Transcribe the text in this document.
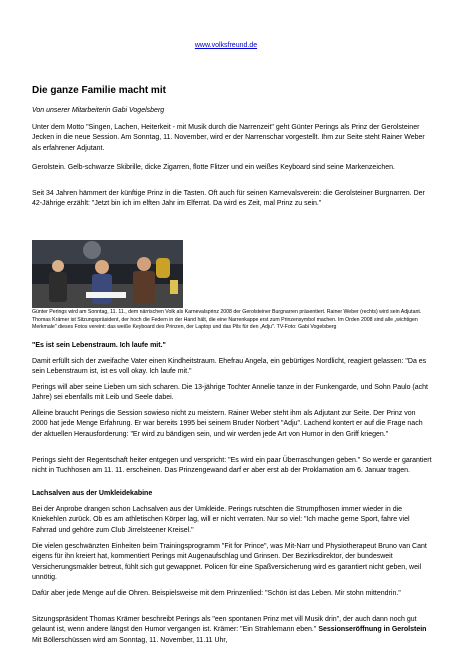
www.volksfreund.de
Die ganze Familie macht mit
Von unserer Mitarbeiterin Gabi Vogelsberg
Unter dem Motto "Singen, Lachen, Heiterkeit - mit Musik durch die Narrenzeit" geht Günter Perings als Prinz der Gerolsteiner Jecken in die neue Session. Am Sonntag, 11. November, wird er der Narrenschar vorgestellt. Ihm zur Seite steht Rainer Weber als erfahrener Adjutant.
Gerolstein. Gelb-schwarze Skibrille, dicke Zigarren, flotte Flitzer und ein weißes Keyboard sind seine Markenzeichen.
Seit 34 Jahren hämmert der künftige Prinz in die Tasten. Oft auch für seinen Karnevalsverein: die Gerolsteiner Burgnarren. Der 42-Jährige erzählt: "Jetzt bin ich im elften Jahr im Elferrat. Da wird es Zeit, mal Prinz zu sein."
Günter Perings wird am Sonntag, 11. 11., dem närrischen Volk als Karnevalsprinz 2008 der Gerolsteiner Burgnarren präsentiert. Rainer Weber (rechts) wird sein Adjutant. Thomas Krämer ist Sitzungspräsident, der hoch die Federn in der Hand hält, die eine Narrenkappe erst zum Prinzensymbol machen. Im Orden 2008 sind alle „wichtigen Merkmale" dieses Fotos vereint: das weiße Keyboard des Prinzen, der Laptop und das Pils für den „Adju". TV-Foto: Gabi Vogelsberg
"Es ist sein Lebenstraum. Ich laufe mit."
Damit erfüllt sich der zweifache Vater einen Kindheitstraum. Ehefrau Angela, ein gebürtiges Nordlicht, reagiert gelassen: "Da es sein Lebenstraum ist, ist es voll okay. Ich laufe mit."
Perings will aber seine Lieben um sich scharen. Die 13-jährige Tochter Annelie tanze in der Funkengarde, und Sohn Paulo (acht Jahre) sei ebenfalls mit Leib und Seele dabei.
Alleine braucht Perings die Session sowieso nicht zu meistern. Rainer Weber steht ihm als Adjutant zur Seite. Der Prinz von 2000 hat jede Menge Erfahrung. Er war bereits 1995 bei seinem Bruder Norbert "Adju". Lachend kontert er auf die Frage nach der aktuellen Herausforderung: "Er wird zu bändigen sein, und wir werden jede Art von Humor in den Griff kriegen."
Perings sieht der Regentschaft heiter entgegen und verspricht: "Es wird ein paar Überraschungen geben." So werde er garantiert nicht in Tuchhosen am 11. 11. erscheinen. Das Prinzengewand darf er aber erst ab der Proklamation am 6. Januar tragen.
Lachsalven aus der Umkleidekabine
Bei der Anprobe drangen schon Lachsalven aus der Umkleide. Perings rutschten die Strumpfhosen immer wieder in die Kniekehlen zurück. Ob es am athletischen Körper lag, will er nicht verraten. Nur so viel: "Ich mache gerne Sport, fahre viel Fahrrad und gehöre zum Club Jirrelsteener Kreisel."
Die vielen geschwänzten Einheiten beim Trainingsprogramm "Fit for Prince", was Mit-Narr und Physiotherapeut Bruno van Cant eigens für ihn kreiert hat, kommentiert Perings mit Augenaufschlag und Grinsen. Der Bezirksdirektor, der bundesweit Versicherungsmakler betreut, fühlt sich gut gewappnet. Policen für eine Spaßversicherung wird es garantiert nicht geben, weil unnötig.
Dafür aber jede Menge auf die Ohren. Beispielsweise mit dem Prinzenlied: "Schön ist das Leben. Mir stohn mittendrin."
Sitzungspräsident Thomas Krämer beschreibt Perings als "een spontanen Prinz met vill Musik drin", der auch dann noch gut gelaunt ist, wenn andere längst den Humor vergangen ist. Krämer: "Ein Strahlemann eben." Sessionseröffnung in Gerolstein Mit Böllerschüssen wird am Sonntag, 11. November, 11.11 Uhr,
